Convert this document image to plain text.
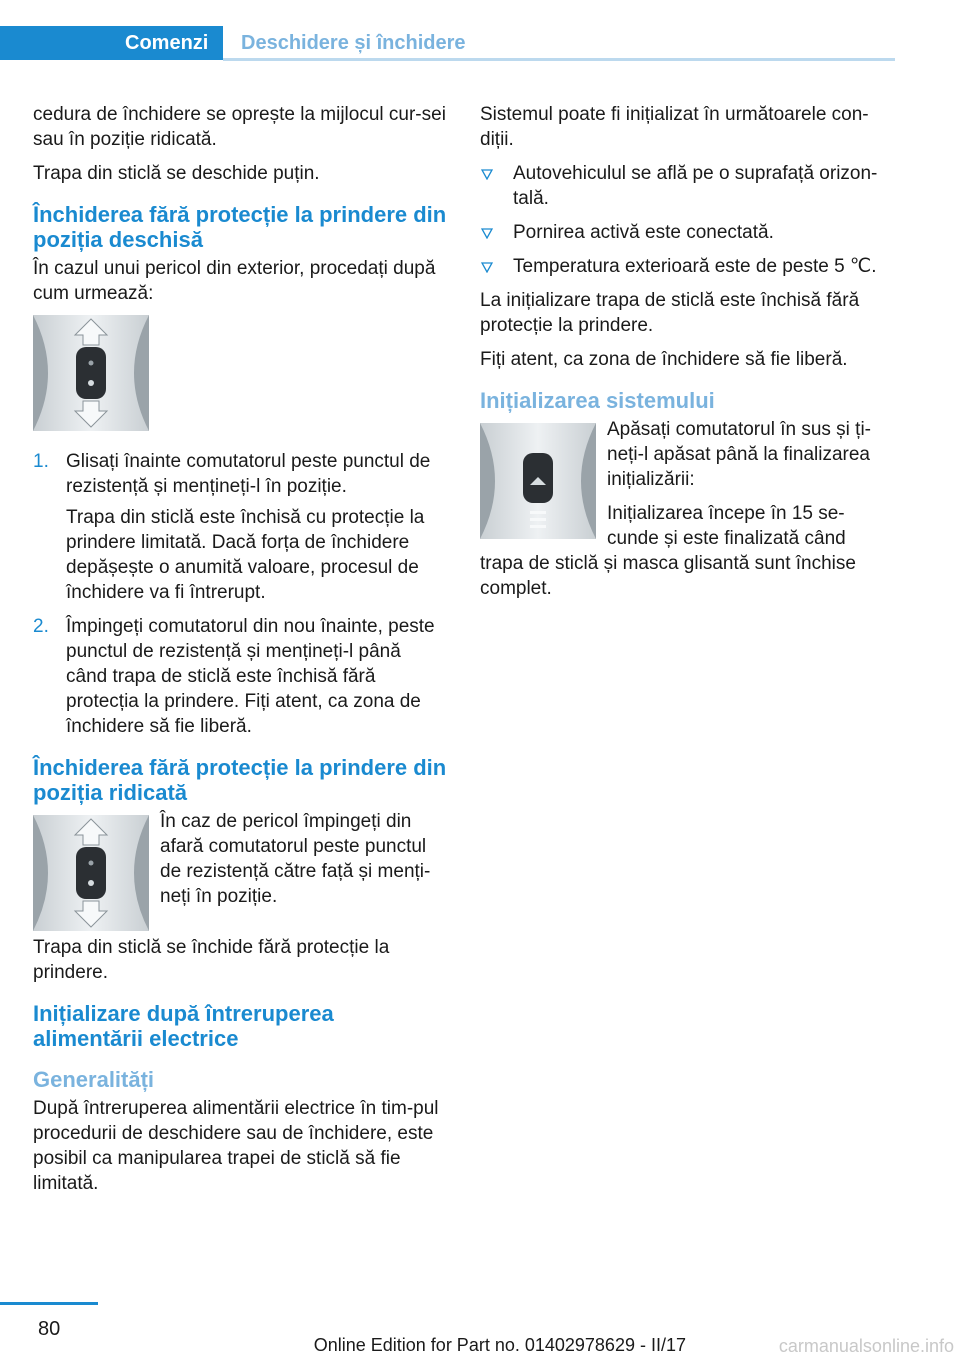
Comenzi	Deschidere și închidere

cedura de închidere se oprește la mijlocul cur‐sei sau în poziție ridicată.

Trapa din sticlă se deschide puțin.

Închiderea fără protecție la prindere din poziția deschisă

În cazul unui pericol din exterior, procedați după cum urmează:

1. Glisați înainte comutatorul peste punctul de rezistență și mențineți-l în poziție.

Trapa din sticlă este închisă cu protecție la prindere limitată. Dacă forța de închidere depășește o anumită valoare, procesul de închidere va fi întrerupt.

2. Împingeți comutatorul din nou înainte, peste punctul de rezistență și mențineți-l până când trapa de sticlă este închisă fără protecția la prindere. Fiți atent, ca zona de închidere să fie liberă.

Închiderea fără protecție la prindere din poziția ridicată

În caz de pericol împingeți din afară comutatorul peste punctul de rezistență către față și menți‐neți în poziție.

Trapa din sticlă se închide fără protecție la prindere.

Inițializare după întreruperea alimentării electrice
Generalități

După întreruperea alimentării electrice în tim‐pul procedurii de deschidere sau de închidere, este posibil ca manipularea trapei de sticlă să fie limitată.

Sistemul poate fi inițializat în următoarele con‐diții.

Autovehiculul se află pe o suprafață orizon‐tală.
Pornirea activă este conectată.
Temperatura exterioară este de peste 5 ℃.

La inițializare trapa de sticlă este închisă fără protecție la prindere.

Fiți atent, ca zona de închidere să fie liberă.

Inițializarea sistemului

Apăsați comutatorul în sus și ți‐neți-l apăsat până la finalizarea inițializării:

Inițializarea începe în 15 se‐cunde și este finalizată când trapa de sticlă și masca glisantă sunt închise complet.

80
Online Edition for Part no. 01402978629 - II/17	carmanualsonline.info
